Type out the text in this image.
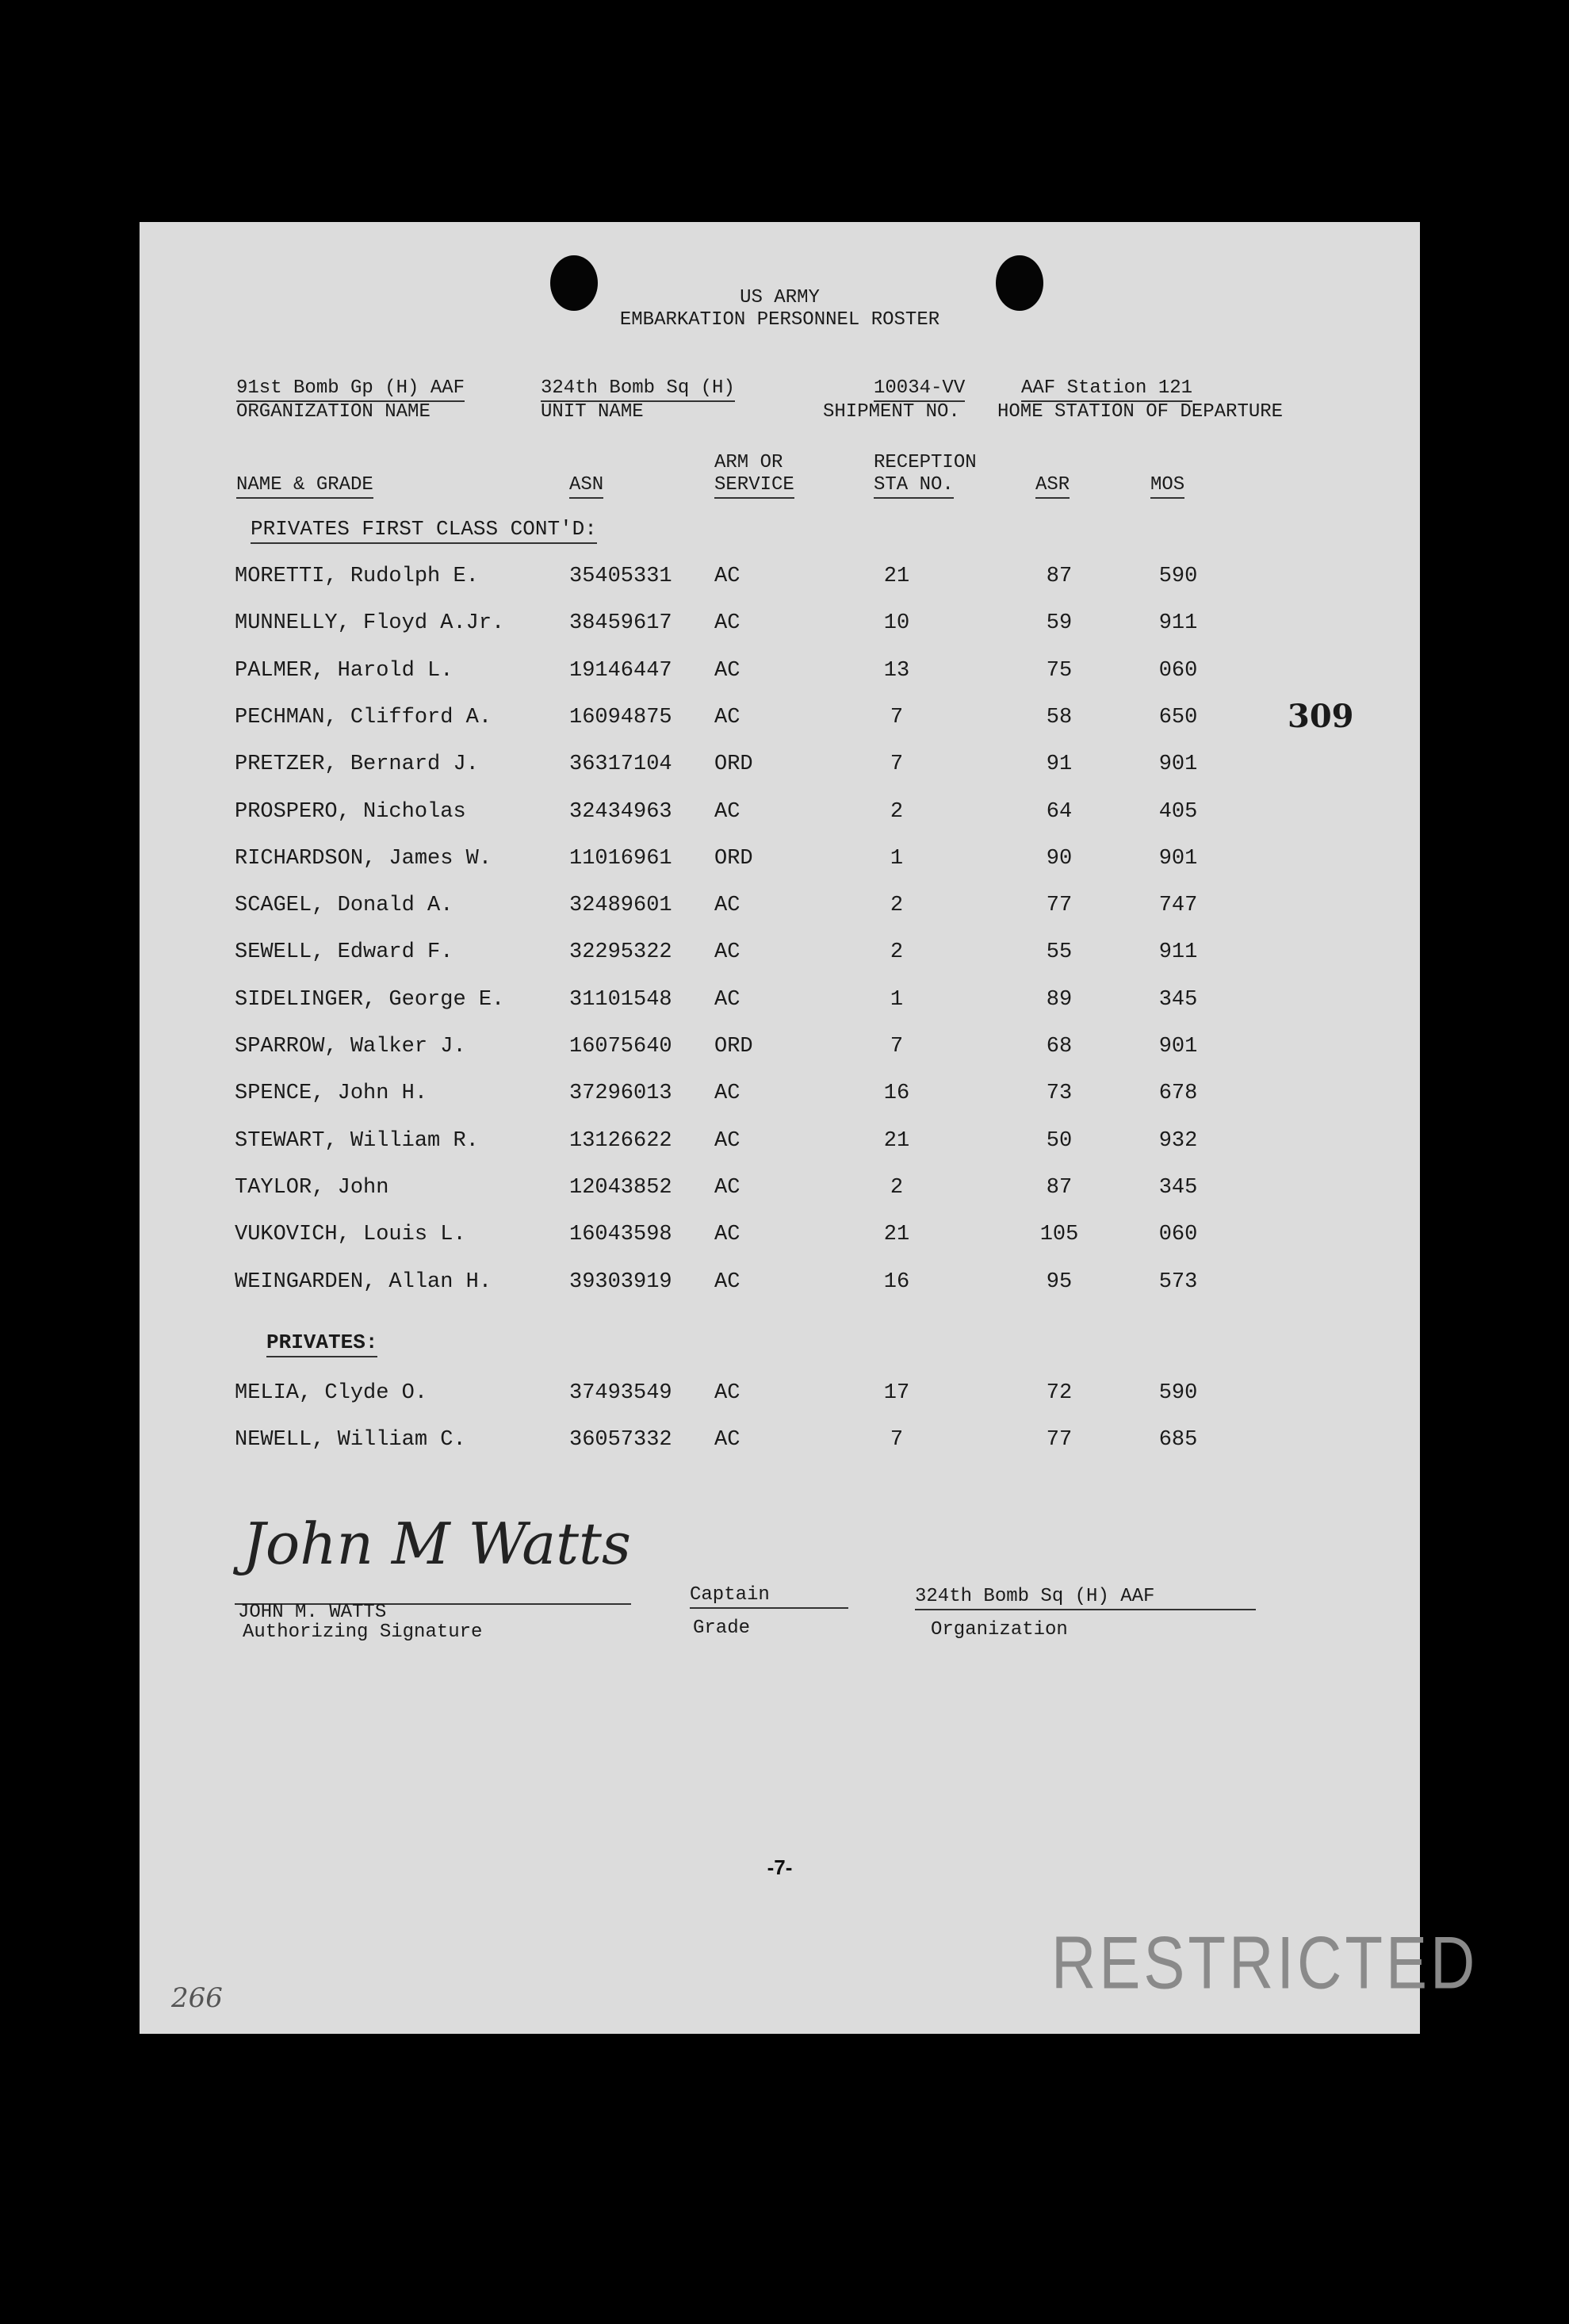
US ARMY
EMBARKATION PERSONNEL ROSTER
91st Bomb Gp (H) AAF
ORGANIZATION NAME
324th Bomb Sq (H)
UNIT NAME
10034-VV
SHIPMENT NO.
AAF Station 121
HOME STATION OF DEPARTURE
ARM OR	RECEPTION
NAME & GRADE	ASN	SERVICE	STA NO.	ASR	MOS
PRIVATES FIRST CLASS CONT'D:
MORETTI, Rudolph E.	35405331 AC	21	87	590
MUNNELLY, Floyd A.Jr.	38459617 AC	10	59	911
PALMER, Harold L.	19146447 AC	13	75	060
PECHMAN, Clifford A.	16094875 AC	7	58	650
PRETZER, Bernard J.	36317104 ORD	7	91	901
PROSPERO, Nicholas	32434963 AC	2	64	405
RICHARDSON, James W.	11016961 ORD	1	90	901
SCAGEL, Donald A.	32489601 AC	2	77	747
SEWELL, Edward F.	32295322 AC	2	55	911
SIDELINGER, George E.	31101548 AC	1	89	345
SPARROW, Walker J.	16075640 ORD	7	68	901
SPENCE, John H.	37296013 AC	16	73	678
STEWART, William R.	13126622 AC	21	50	932
TAYLOR, John	12043852 AC	2	87	345
VUKOVICH, Louis L.	16043598 AC	21	105	060
WEINGARDEN, Allan H.	39303919 AC	16	95	573
PRIVATES:
MELIA, Clyde O.	37493549 AC	17	72	590
NEWELL, William C.	36057332 AC	7	77	685
309
John M Watts
JOHN M. WATTS
Authorizing Signature
Captain
Grade
324th Bomb Sq (H) AAF
Organization
-7-
RESTRICTED
266
